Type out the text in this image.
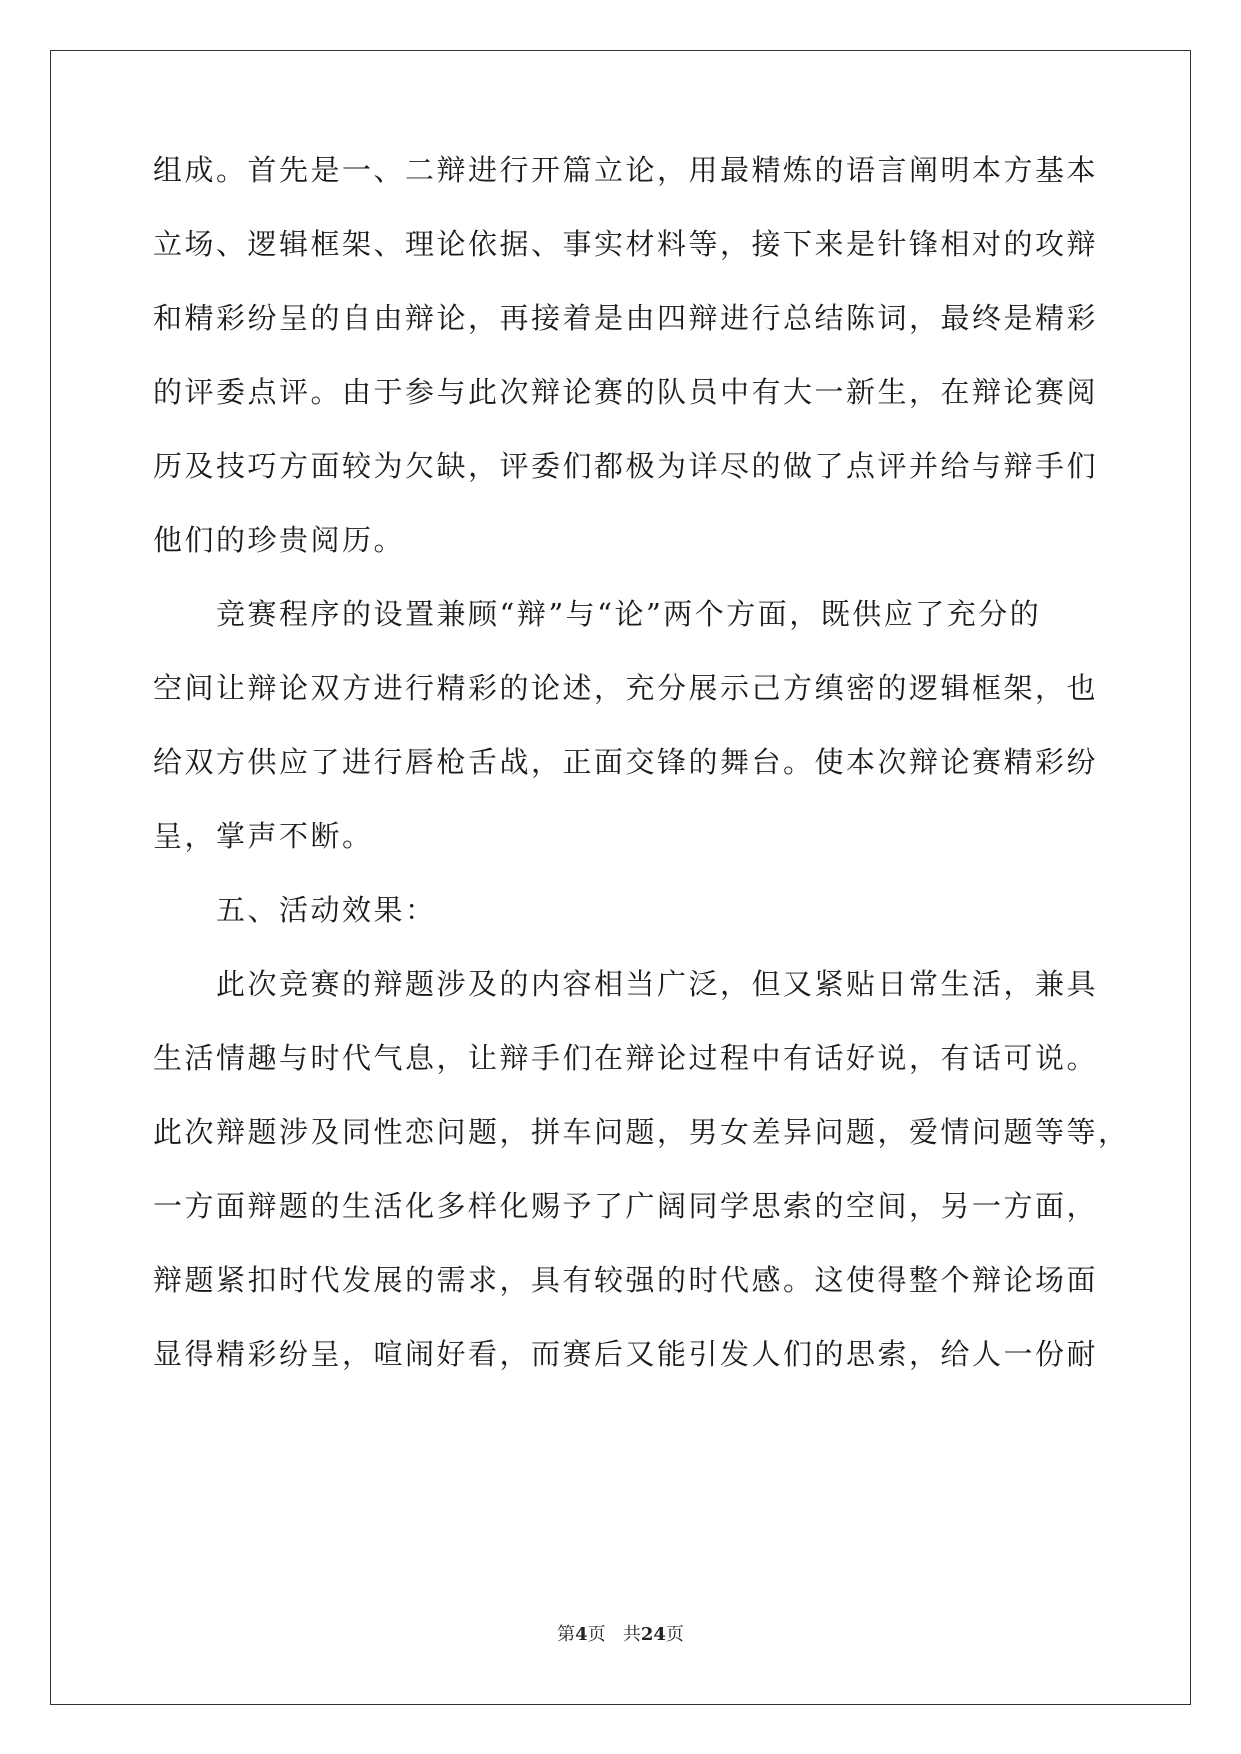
组成。首先是一、二辩进行开篇立论，用最精炼的语言阐明本方基本
立场、逻辑框架、理论依据、事实材料等，接下来是针锋相对的攻辩
和精彩纷呈的自由辩论，再接着是由四辩进行总结陈词，最终是精彩
的评委点评。由于参与此次辩论赛的队员中有大一新生，在辩论赛阅
历及技巧方面较为欠缺，评委们都极为详尽的做了点评并给与辩手们
他们的珍贵阅历。
　　竞赛程序的设置兼顾“辩”与“论”两个方面，既供应了充分的
空间让辩论双方进行精彩的论述，充分展示己方缜密的逻辑框架，也
给双方供应了进行唇枪舌战，正面交锋的舞台。使本次辩论赛精彩纷
呈，掌声不断。
　　五、活动效果：
　　此次竞赛的辩题涉及的内容相当广泛，但又紧贴日常生活，兼具
生活情趣与时代气息，让辩手们在辩论过程中有话好说，有话可说。
此次辩题涉及同性恋问题，拼车问题，男女差异问题，爱情问题等等，
一方面辩题的生活化多样化赐予了广阔同学思索的空间，另一方面，
辩题紧扣时代发展的需求，具有较强的时代感。这使得整个辩论场面
显得精彩纷呈，喧闹好看，而赛后又能引发人们的思索，给人一份耐
第4页 共24页
